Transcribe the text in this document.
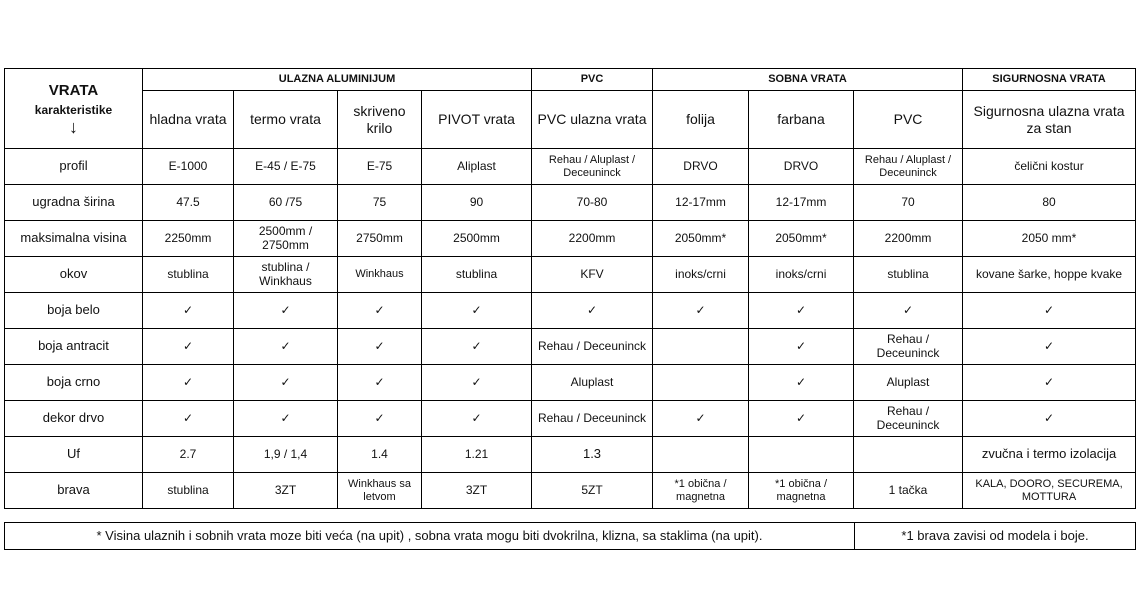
VRATA
karakteristike
↓	ULAZNA ALUMINIJUM				PVC	SOBNA VRATA			SIGURNOSNA VRATA
	hladna vrata	termo vrata	skriveno krilo	PIVOT vrata	PVC ulazna vrata	folija	farbana	PVC	Sigurnosna ulazna vrata za stan
profil	E-1000	E-45 / E-75	E-75	Aliplast	Rehau / Aluplast / Deceuninck	DRVO	DRVO	Rehau / Aluplast / Deceuninck	čelični kostur
ugradna širina	47.5	60 /75	75	90	70-80	12-17mm	12-17mm	70	80
maksimalna visina	2250mm	2500mm / 2750mm	2750mm	2500mm	2200mm	2050mm*	2050mm*	2200mm	2050 mm*
okov	stublina	stublina / Winkhaus	Winkhaus	stublina	KFV	inoks/crni	inoks/crni	stublina	kovane šarke, hoppe kvake
boja belo	✓	✓	✓	✓	✓	✓	✓	✓	✓
boja antracit	✓	✓	✓	✓	Rehau / Deceuninck		✓	Rehau / Deceuninck	✓
boja crno	✓	✓	✓	✓	Aluplast		✓	Aluplast	✓
dekor drvo	✓	✓	✓	✓	Rehau / Deceuninck	✓	✓	Rehau / Deceuninck	✓
Uf	2.7	1,9 / 1,4	1.4	1.21	1.3				zvučna i termo izolacija
brava	stublina	3ZT	Winkhaus sa letvom	3ZT	5ZT	*1 obična / magnetna	*1 obična / magnetna	1 tačka	KALA, DOORO, SECUREMA, MOTTURA
* Visina ulaznih i sobnih vrata moze biti veća (na upit) , sobna vrata mogu biti dvokrilna, klizna, sa staklima (na upit).	*1 brava zavisi od modela i boje.
